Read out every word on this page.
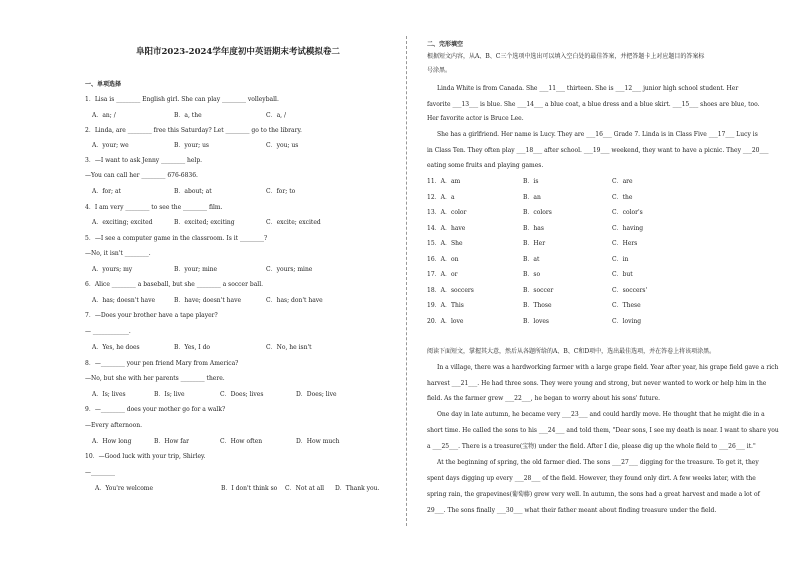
阜阳市2023-2024学年度初中英语期末考试模拟卷二
一、单项选择
1．Lisa is ________ English girl. She can play ________ volleyball.
A．an; /	B．a, the	C．a, /
2．Linda, are ________ free this Saturday? Let ________ go to the library.
A．your; we	B．your; us	C．you; us
3．—I want to ask Jenny ________ help.
—You can call her ________ 676-6836.
A．for; at	B．about; at	C．for; to
4．I am very ________ to see the ________ film.
A．exciting; excited	B．excited; exciting	C．excite; excited
5．—I see a computer game in the classroom. Is it ________?
—No, it isn't ________.
A．yours; my	B．your; mine	C．yours; mine
6．Alice ________ a baseball, but she ________ a soccer ball.
A．has; doesn't have	B．have; doesn't have	C．has; don't have
7．—Does your brother have a tape player?
— ____________.
A．Yes, he does	B．Yes, I do	C．No, he isn't
8．—________ your pen friend Mary from America?
—No, but she with her parents ________ there.
A．Is; lives	B．Is; live	C．Does; lives	D．Does; live
9．—________ does your mother go for a walk?
—Every afternoon.
A．How long	B．How far	C．How often	D．How much
10．—Good luck with your trip, Shirley.
—________
A．You're welcome	B．I don't think so C．Not at all D．Thank you.
二、完形填空
根据短文内容，从A、B、C三个选项中选出可以填入空白处的最佳答案，并把答题卡上对应题目的答案标
号涂黑。
Linda White is from Canada. She ___11___ thirteen. She is ___12___ junior high school student. Her
favorite ___13___ is blue. She ___14___ a blue coat, a blue dress and a blue skirt. ___15___ shoes are blue, too.
Her favorite actor is Bruce Lee.
She has a girlfriend. Her name is Lucy. They are ___16___ Grade 7. Linda is in Class Five ___17___ Lucy is
in Class Ten. They often play ___18___ after school. ___19___ weekend, they want to have a picnic. They ___20___
eating some fruits and playing games.
11．A．am	B．is	C．are
12．A．a	B．an	C．the
13．A．color	B．colors	C．color's
14．A．have	B．has	C．having
15．A．She	B．Her	C．Hers
16．A．on	B．at	C．in
17．A．or	B．so	C．but
18．A．soccers	B．soccer	C．soccers'
19．A．This	B．Those	C．These
20．A．love	B．loves	C．loving
阅读下面短文，掌握其大意，然后从各题所给的A、B、C和D项中，选出最佳选项，并在答卷上将该项涂黑。
In a village, there was a hardworking farmer with a large grape field. Year after year, his grape field gave a rich
harvest ___21___. He had three sons. They were young and strong, but never wanted to work or help him in the
field. As the farmer grew ___22___, he began to worry about his sons' future.
One day in late autumn, he became very ___23___ and could hardly move. He thought that he might die in a
short time. He called the sons to his ___24___ and told them, "Dear sons, I see my death is near. I want to share you
a ___25___. There is a treasure(宝物) under the field. After I die, please dig up the whole field to ___26___ it."
At the beginning of spring, the old farmer died. The sons ___27___ digging for the treasure. To get it, they
spent days digging up every ___28___ of the field. However, they found only dirt. A few weeks later, with the
spring rain, the grapevines(葡萄藤) grew very well. In autumn, the sons had a great harvest and made a lot of
29___. The sons finally ___30___ what their father meant about finding treasure under the field.
